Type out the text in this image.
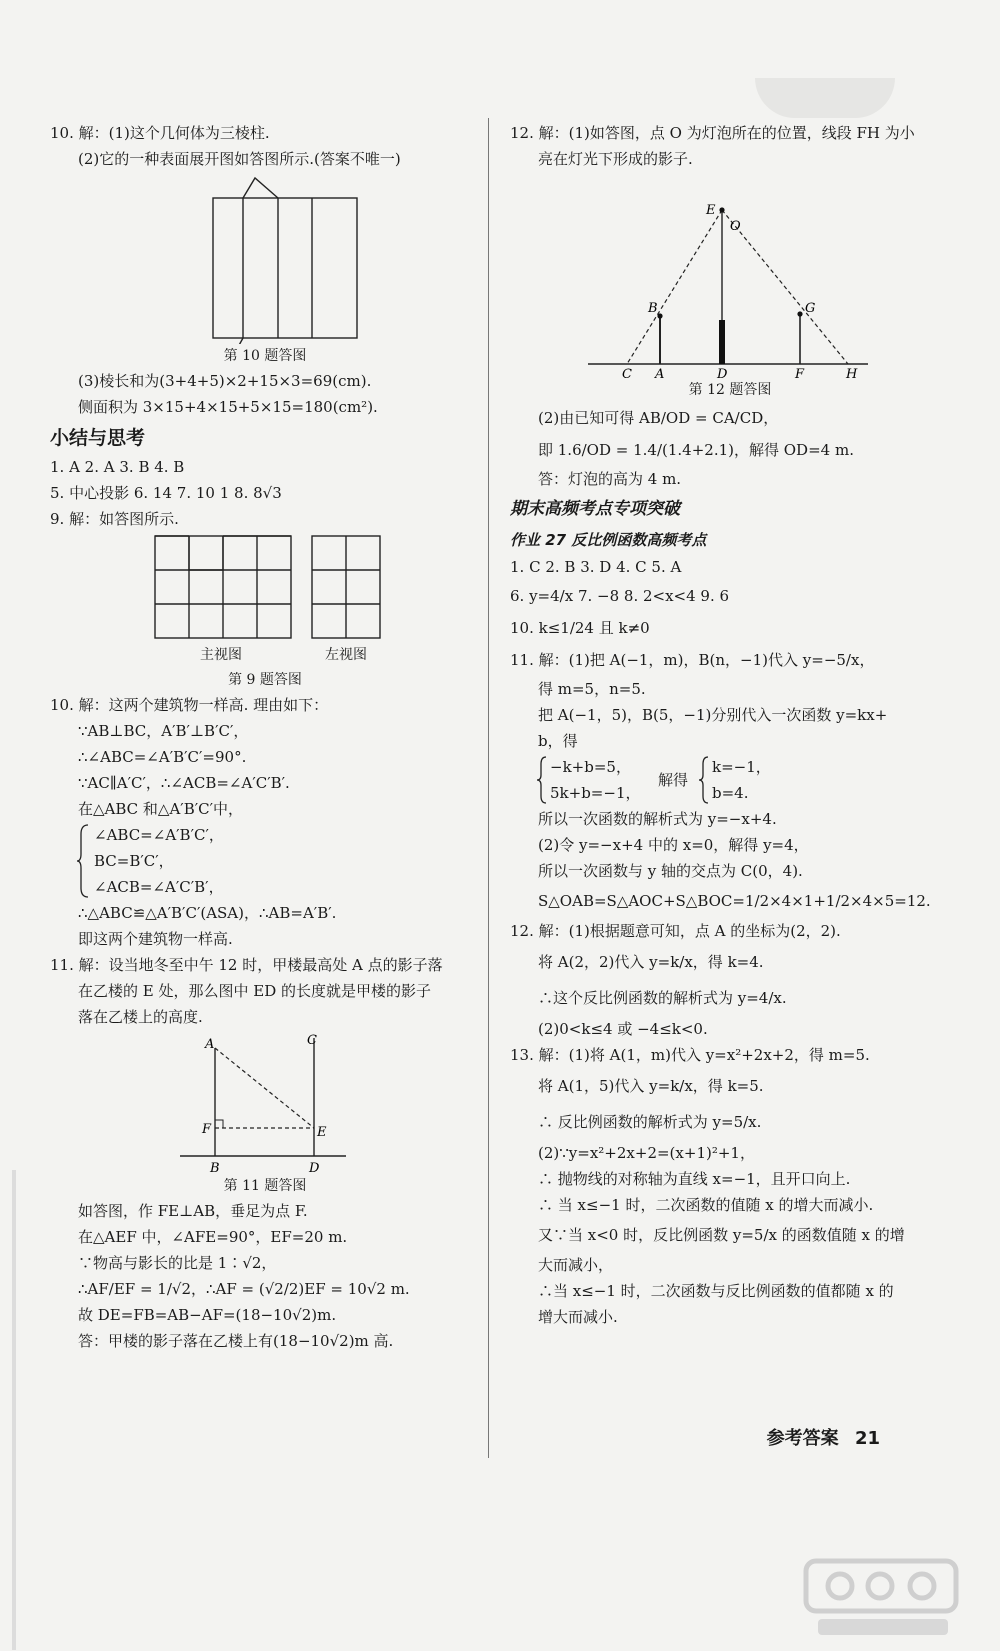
10. 解：(1)这个几何体为三棱柱.
(2)它的一种表面展开图如答图所示.(答案不唯一)
第 10 题答图
(3)棱长和为(3+4+5)×2+15×3=69(cm).
侧面积为 3×15+4×15+5×15=180(cm²).
小结与思考
1. A 2. A 3. B 4. B
5. 中心投影 6. 14 7. 10 1 8. 8√3
9. 解：如答图所示.
主视图	左视图
第 9 题答图
10. 解：这两个建筑物一样高. 理由如下：
∵AB⊥BC，A′B′⊥B′C′，
∴∠ABC=∠A′B′C′=90°.
∵AC∥A′C′，∴∠ACB=∠A′C′B′.
在△ABC 和△A′B′C′中，
∠ABC=∠A′B′C′，
BC=B′C′，
∠ACB=∠A′C′B′，
∴△ABC≌△A′B′C′(ASA)，∴AB=A′B′.
即这两个建筑物一样高.
11. 解：设当地冬至中午 12 时，甲楼最高处 A 点的影子落
在乙楼的 E 处，那么图中 ED 的长度就是甲楼的影子
落在乙楼上的高度.
A	C
F	E
B	D
第 11 题答图
如答图，作 FE⊥AB，垂足为点 F.
在△AEF 中，∠AFE=90°，EF=20 m.
∵物高与影长的比是 1∶√2，
∴AF/EF = 1/√2，∴AF = (√2/2)EF = 10√2 m.
故 DE=FB=AB−AF=(18−10√2)m.
答：甲楼的影子落在乙楼上有(18−10√2)m 高.
12. 解：(1)如答图，点 O 为灯泡所在的位置，线段 FH 为小
亮在灯光下形成的影子.
E
O
B	G
C A	D	F	H
第 12 题答图
(2)由已知可得 AB/OD = CA/CD，
即 1.6/OD = 1.4/(1.4+2.1)，解得 OD=4 m.
答：灯泡的高为 4 m.
期末高频考点专项突破
作业 27 反比例函数高频考点
1. C 2. B 3. D 4. C 5. A
6. y=4/x 7. −8 8. 2<x<4 9. 6
10. k≤1/24 且 k≠0
11. 解：(1)把 A(−1，m)，B(n，−1)代入 y=−5/x，
得 m=5，n=5.
把 A(−1，5)，B(5，−1)分别代入一次函数 y=kx+
b，得
−k+b=5，
5k+b=−1，
解得
k=−1，
b=4.
所以一次函数的解析式为 y=−x+4.
(2)令 y=−x+4 中的 x=0，解得 y=4，
所以一次函数与 y 轴的交点为 C(0，4).
S△OAB=S△AOC+S△BOC=1/2×4×1+1/2×4×5=12.
12. 解：(1)根据题意可知，点 A 的坐标为(2，2).
将 A(2，2)代入 y=k/x，得 k=4.
∴这个反比例函数的解析式为 y=4/x.
(2)0<k≤4 或 −4≤k<0.
13. 解：(1)将 A(1，m)代入 y=x²+2x+2，得 m=5.
将 A(1，5)代入 y=k/x，得 k=5.
∴ 反比例函数的解析式为 y=5/x.
(2)∵y=x²+2x+2=(x+1)²+1，
∴ 抛物线的对称轴为直线 x=−1，且开口向上.
∴ 当 x≤−1 时，二次函数的值随 x 的增大而减小.
又∵当 x<0 时，反比例函数 y=5/x 的函数值随 x 的增
大而减小，
∴当 x≤−1 时，二次函数与反比例函数的值都随 x 的
增大而减小.
参考答案 21
